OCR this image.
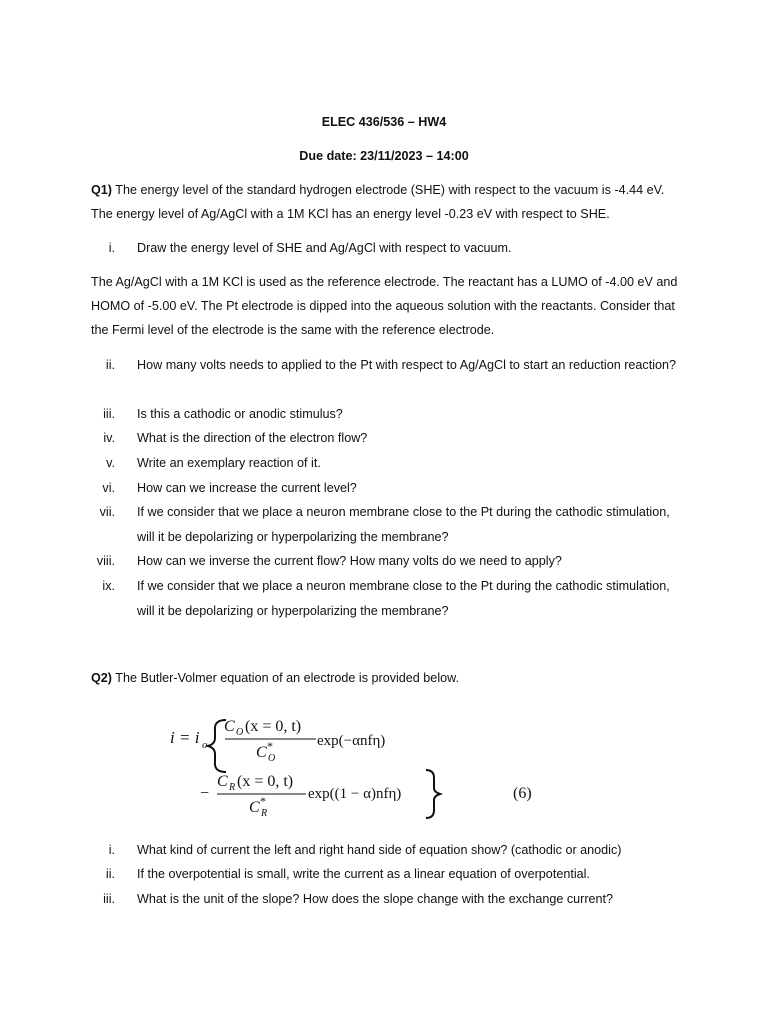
ELEC 436/536 – HW4
Due date: 23/11/2023 – 14:00
Q1) The energy level of the standard hydrogen electrode (SHE) with respect to the vacuum is -4.44 eV. The energy level of Ag/AgCl with a 1M KCl has an energy level -0.23 eV with respect to SHE.
i. Draw the energy level of SHE and Ag/AgCl with respect to vacuum.
The Ag/AgCl with a 1M KCl is used as the reference electrode. The reactant has a LUMO of -4.00 eV and HOMO of -5.00 eV. The Pt electrode is dipped into the aqueous solution with the reactants. Consider that the Fermi level of the electrode is the same with the reference electrode.
ii. How many volts needs to applied to the Pt with respect to Ag/AgCl to start an reduction reaction?
iii. Is this a cathodic or anodic stimulus?
iv. What is the direction of the electron flow?
v. Write an exemplary reaction of it.
vi. How can we increase the current level?
vii. If we consider that we place a neuron membrane close to the Pt during the cathodic stimulation, will it be depolarizing or hyperpolarizing the membrane?
viii. How can we inverse the current flow? How many volts do we need to apply?
ix. If we consider that we place a neuron membrane close to the Pt during the cathodic stimulation, will it be depolarizing or hyperpolarizing the membrane?
Q2) The Butler-Volmer equation of an electrode is provided below.
i = i o
C O (x = 0, t)
C O
*	exp(−αnfη)
−
C R (x = 0, t)
C R
*	exp((1 − α)nfη)	(6)
i. What kind of current the left and right hand side of equation show? (cathodic or anodic)
ii. If the overpotential is small, write the current as a linear equation of overpotential.
iii. What is the unit of the slope? How does the slope change with the exchange current?
